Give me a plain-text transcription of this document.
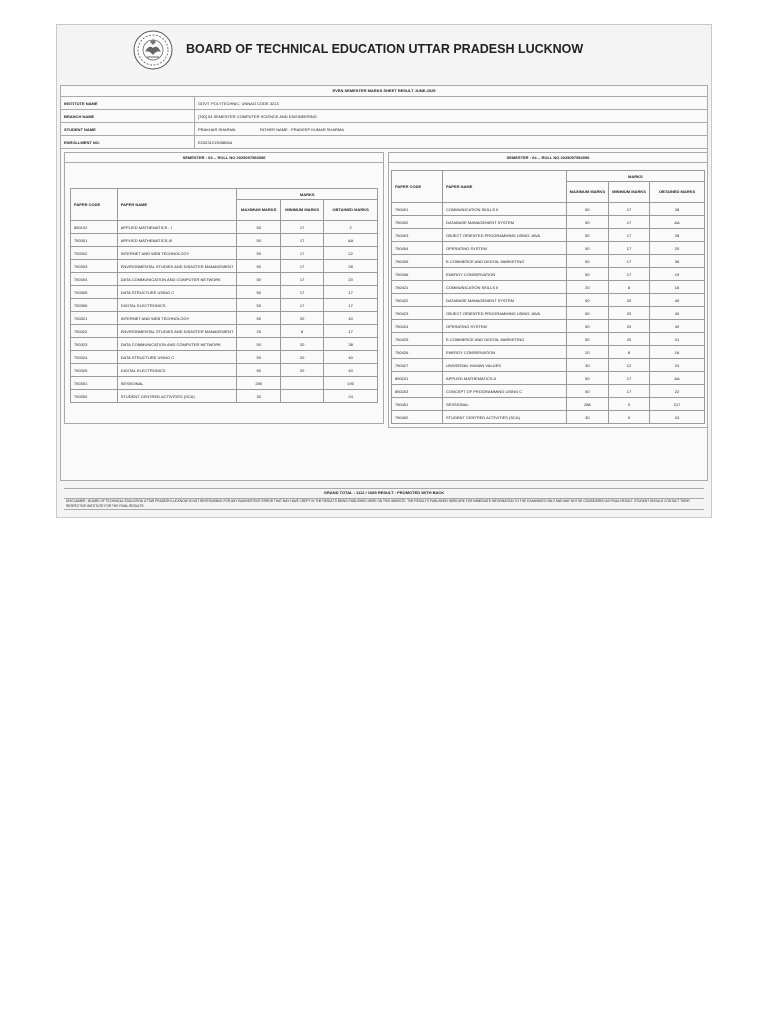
BOARD OF TECHNICAL EDUCATION UTTAR PRADESH LUCKNOW
EVEN SEMESTER MARKS SHEET RESULT JUNE-2025
INSTITUTE NAME	GOVT. POLYTECHNIC, UNNAO CODE 3213
BRANCH NAME	[760] 04 SEMESTER COMPUTER SCIENCE AND ENGINEERING
STUDENT NAME	PRAKHAR SHARMA FATHER NAME : PRADEEP KUMAR SHARMA
ENROLLMENT NO.	E2323121305806A
SEMESTER : 03 -- ROLL NO 2025057553056
PAPER CODE	PAPER NAME	MARKS		
		MAXIMUM MARKS	MINIMUM MARKS	OBTAINED MARKS
850102	APPLIED MATHEMATICS - I	50	17	2
750301	APPLIED MATHEMATICS-III	50	17	AA
750302	INTERNET AND WEB TECHNOLOGY	50	17	22
750303	ENVIRONMENTAL STUDIES AND DISASTER MANAGEMENT	50	17	28
750304	DATA COMMUNICATION AND COMPUTER NETWORK	50	17	20
750305	DATA STRUCTURE USING C	50	17	17
750306	DIGITAL ELECTRONICS	50	17	17
750321	INTERNET AND WEB TECHNOLOGY	50	20	40
750322	ENVIRONMENTAL STUDIES AND DISASTER MANAGEMENT	20	8	17
750323	DATA COMMUNICATION AND COMPUTER NETWORK	50	20	38
750324	DATA STRUCTURE USING C	50	20	40
750325	DIGITAL ELECTRONICS	50	20	40
750351	SESSIONAL	250		190
750352	STUDENT CENTRED ACTIVITIES (SCA)	30		24
SEMESTER : 04 -- ROLL NO 2025057554056
PAPER CODE	PAPER NAME	MARKS		
		MAXIMUM MARKS	MINIMUM MARKS	OBTAINED MARKS
750401	COMMUNICATION SKILLS II	50	17	28
750402	DATABASE MANAGEMENT SYSTEM	50	17	AA
750403	OBJECT ORIENTED PROGRAMMING USING JAVA	50	17	28
750404	OPERATING SYSTEM	50	17	20
750405	E-COMMERCE AND DIGITAL MARKETING	50	17	38
750406	ENERGY CONSERVATION	50	17	19
750421	COMMUNICATION SKILLS II	20	8	16
750422	DATABASE MANAGEMENT SYSTEM	50	20	40
750423	OBJECT ORIENTED PROGRAMMING USING JAVA	50	20	40
750424	OPERATING SYSTEM	50	20	40
750425	E-COMMERCE AND DIGITAL MARKETING	50	20	41
750426	ENERGY CONSERVATION	20	8	16
750427	UNIVERSAL HUMAN VALUES	30	12	24
850201	APPLIED MATHEMATICS-II	50	17	AA
850203	CONCEPT OF PROGRAMMING USING C	50	17	22
750451	SESSIONAL	288	0	217
750452	STUDENT CENTRED ACTIVITIES (SCA)	30	0	24
GRAND TOTAL : 1112 / 1685 RESULT : PROMOTED WITH BACK
DISCLAIMER : BOARD OF TECHNICAL EDUCATION UTTAR PRADESH LUCKNOW IS NOT RESPONSIBLE FOR ANY INADVERTENT ERROR THAT MAY HAVE CREPT IN THE RESULTS BEING PUBLISHED HERE ON THIS WEBSITE. THE RESULTS PUBLISHED HERE ARE FOR IMMEDIATE INFORMATION TO THE EXAMINEES ONLY AND MAY NOT BE CONSIDERED AS FINAL RESULT. STUDENT SHOULD CONTACT THEIR RESPECTIVE INSTITUTE FOR THE FINAL RESULTS.
